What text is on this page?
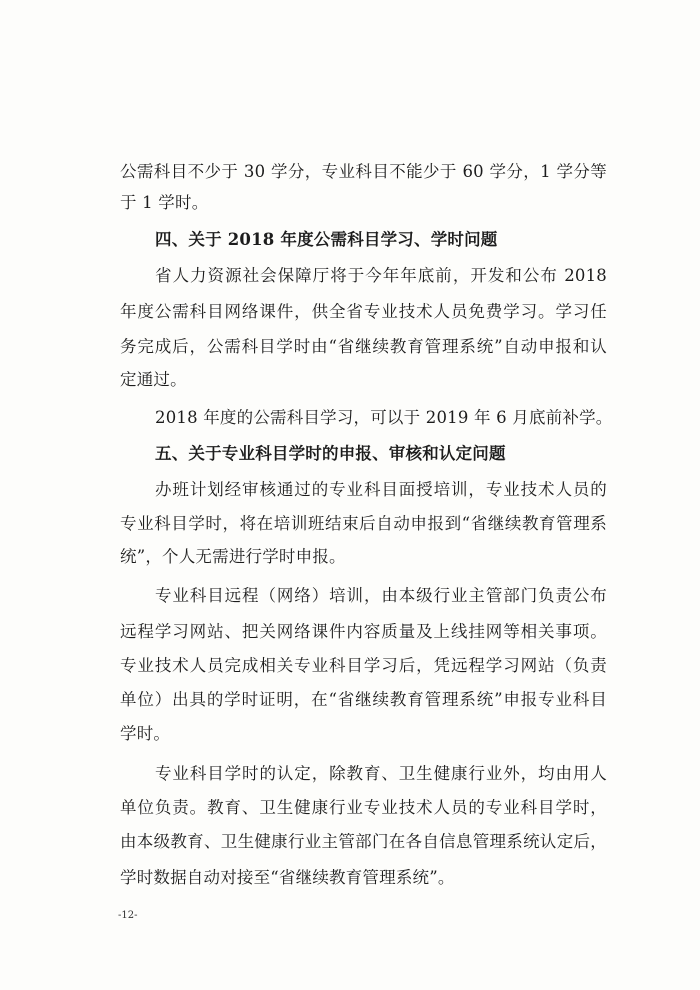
公需科目不少于 30 学分，专业科目不能少于 60 学分，1 学分等
于 1 学时。
四、关于 2018 年度公需科目学习、学时问题
省人力资源社会保障厅将于今年年底前，开发和公布 2018
年度公需科目网络课件，供全省专业技术人员免费学习。学习任
务完成后，公需科目学时由“省继续教育管理系统”自动申报和认
定通过。
2018 年度的公需科目学习，可以于 2019 年 6 月底前补学。
五、关于专业科目学时的申报、审核和认定问题
办班计划经审核通过的专业科目面授培训，专业技术人员的
专业科目学时，将在培训班结束后自动申报到“省继续教育管理系
统”，个人无需进行学时申报。
专业科目远程（网络）培训，由本级行业主管部门负责公布
远程学习网站、把关网络课件内容质量及上线挂网等相关事项。
专业技术人员完成相关专业科目学习后，凭远程学习网站（负责
单位）出具的学时证明，在“省继续教育管理系统”申报专业科目
学时。
专业科目学时的认定，除教育、卫生健康行业外，均由用人
单位负责。教育、卫生健康行业专业技术人员的专业科目学时，
由本级教育、卫生健康行业主管部门在各自信息管理系统认定后，
学时数据自动对接至“省继续教育管理系统”。
-12-
